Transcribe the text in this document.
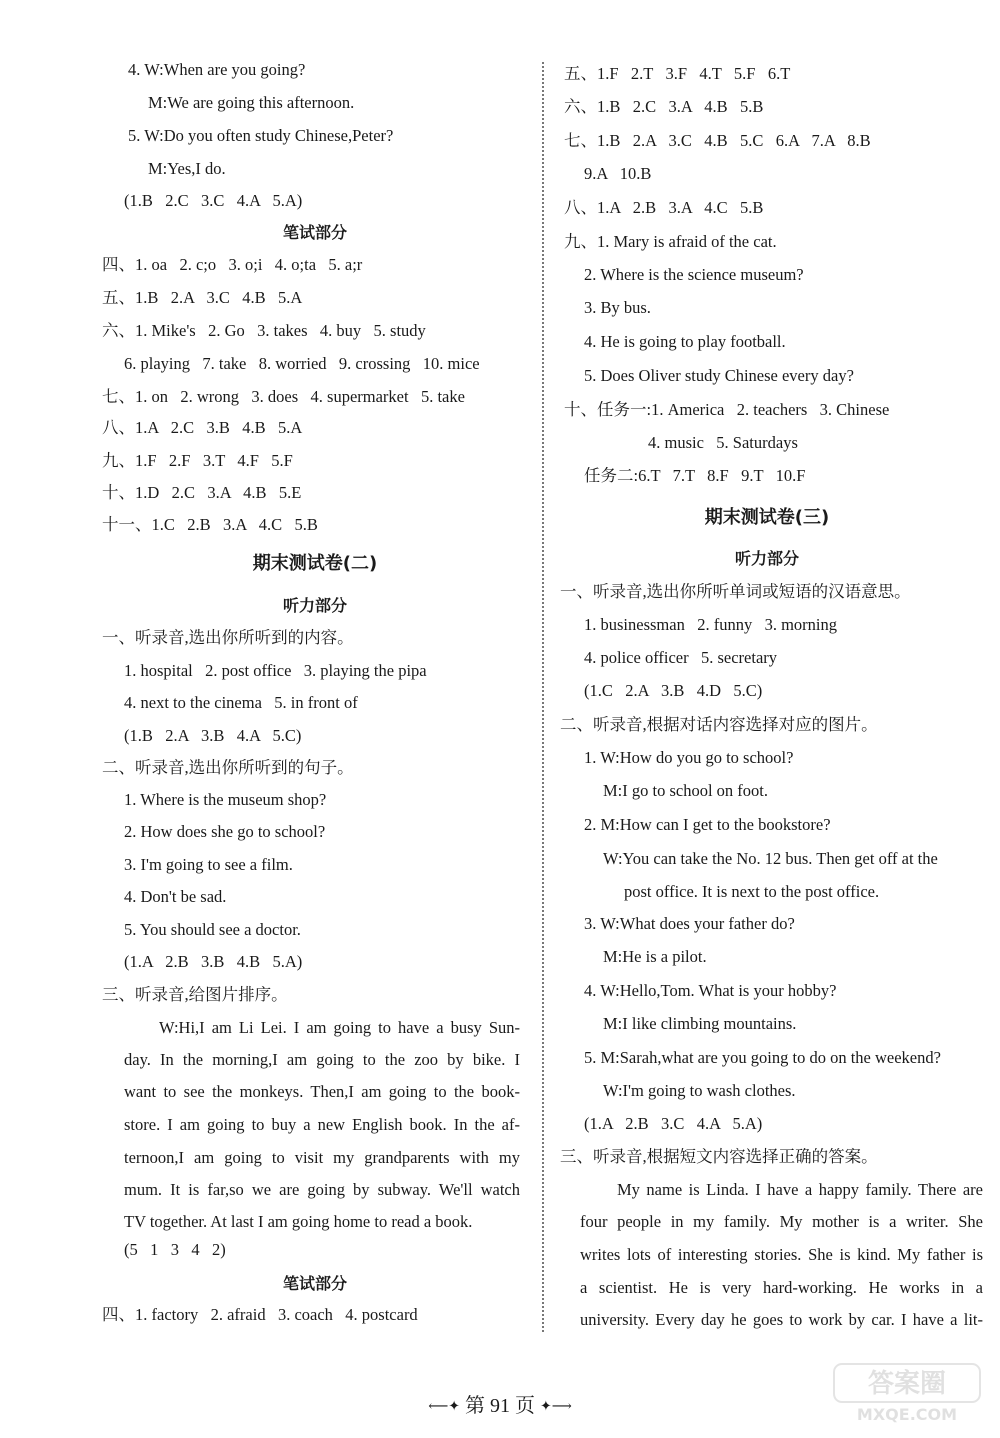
笔试部分
期末测试卷(二)
听力部分
笔试部分
期末测试卷(三)
听力部分
⟵✦ 第 91 页 ✦⟶
答案圈
MXQE.COM
4. W:When are you going?
M:We are going this afternoon.
5. W:Do you often study Chinese,Peter?
M:Yes,I do.
(1.B   2.C   3.C   4.A   5.A)
四、1. oa   2. c;o   3. o;i   4. o;ta   5. a;r
五、1.B   2.A   3.C   4.B   5.A
六、1. Mike's   2. Go   3. takes   4. buy   5. study
6. playing   7. take   8. worried   9. crossing   10. mice
七、1. on   2. wrong   3. does   4. supermarket   5. take
八、1.A   2.C   3.B   4.B   5.A
九、1.F   2.F   3.T   4.F   5.F
十、1.D   2.C   3.A   4.B   5.E
十一、1.C   2.B   3.A   4.C   5.B
一、听录音,选出你所听到的内容。
1. hospital   2. post office   3. playing the pipa
4. next to the cinema   5. in front of
(1.B   2.A   3.B   4.A   5.C)
二、听录音,选出你所听到的句子。
1. Where is the museum shop?
2. How does she go to school?
3. I'm going to see a film.
4. Don't be sad.
5. You should see a doctor.
(1.A   2.B   3.B   4.B   5.A)
三、听录音,给图片排序。
(5   1   3   4   2)
四、1. factory   2. afraid   3. coach   4. postcard
W:Hi,I am Li Lei. I am going to have a busy Sun-
day. In the morning,I am going to the zoo by bike. I
want to see the monkeys. Then,I am going to the book-
store. I am going to buy a new English book. In the af-
ternoon,I am going to visit my grandparents with my
mum. It is far,so we are going by subway. We'll watch
TV together. At last I am going home to read a book.
五、1.F   2.T   3.F   4.T   5.F   6.T
六、1.B   2.C   3.A   4.B   5.B
七、1.B   2.A   3.C   4.B   5.C   6.A   7.A   8.B
9.A   10.B
八、1.A   2.B   3.A   4.C   5.B
九、1. Mary is afraid of the cat.
2. Where is the science museum?
3. By bus.
4. He is going to play football.
5. Does Oliver study Chinese every day?
十、任务一:1. America   2. teachers   3. Chinese
4. music   5. Saturdays
任务二:6.T   7.T   8.F   9.T   10.F
一、听录音,选出你所听单词或短语的汉语意思。
1. businessman   2. funny   3. morning
4. police officer   5. secretary
(1.C   2.A   3.B   4.D   5.C)
二、听录音,根据对话内容选择对应的图片。
1. W:How do you go to school?
M:I go to school on foot.
2. M:How can I get to the bookstore?
W:You can take the No. 12 bus. Then get off at the
post office. It is next to the post office.
3. W:What does your father do?
M:He is a pilot.
4. W:Hello,Tom. What is your hobby?
M:I like climbing mountains.
5. M:Sarah,what are you going to do on the weekend?
W:I'm going to wash clothes.
(1.A   2.B   3.C   4.A   5.A)
三、听录音,根据短文内容选择正确的答案。
My name is Linda. I have a happy family. There are
four people in my family. My mother is a writer. She
writes lots of interesting stories. She is kind. My father is
a scientist. He is very hard-working. He works in a
university. Every day he goes to work by car. I have a lit-
